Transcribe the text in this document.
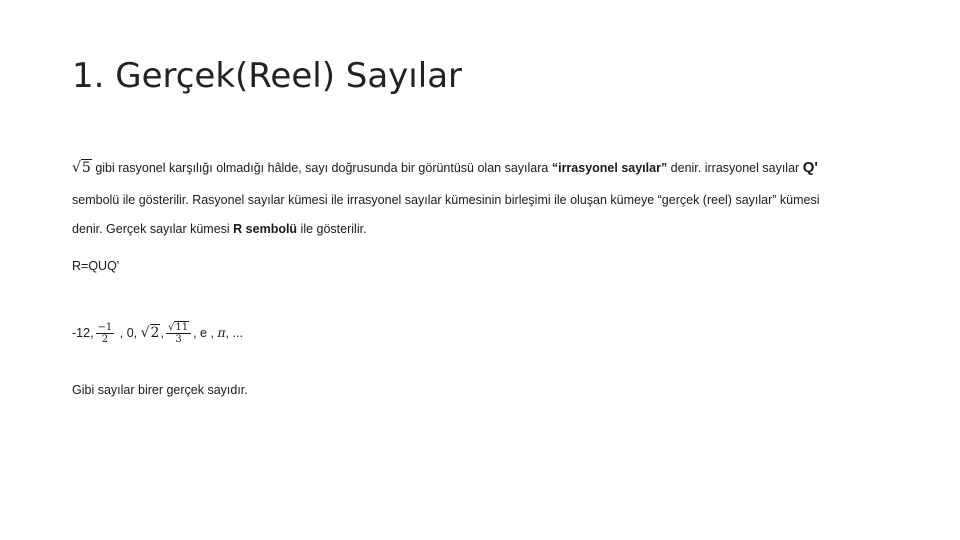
1. Gerçek(Reel) Sayılar
√5 gibi rasyonel karşılığı olmadığı hâlde, sayı doğrusunda bir görüntüsü olan sayılara “irrasyonel sayılar” denir. irrasyonel sayılar Q'
sembolü ile gösterilir. Rasyonel sayılar kümesi ile irrasyonel sayılar kümesinin birleşimi ile oluşan kümeye “gerçek (reel) sayılar” kümesi
denir. Gerçek sayılar kümesi R sembolü ile gösterilir.
R=QUQ'
-12, $\frac{-1}{2}$ , 0, √2, $\frac{√11}{3}$ , e , π, ...
Gibi sayılar birer gerçek sayıdır.
